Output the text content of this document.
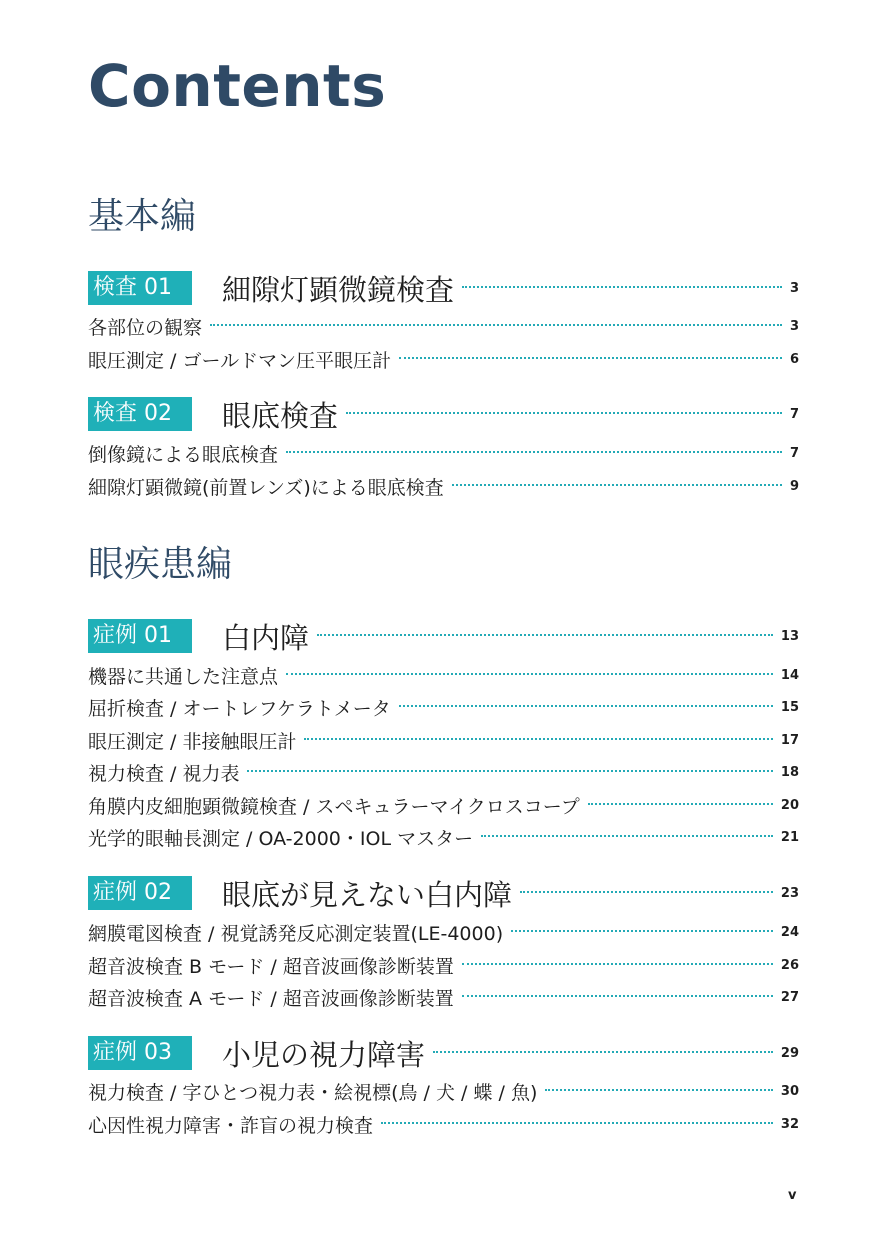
Contents
基本編
検査 01	細隙灯顕微鏡検査	3
各部位の観察	3
眼圧測定 / ゴールドマン圧平眼圧計	6
検査 02	眼底検査	7
倒像鏡による眼底検査	7
細隙灯顕微鏡(前置レンズ)による眼底検査	9
眼疾患編
症例 01	白内障	13
機器に共通した注意点	14
屈折検査 / オートレフケラトメータ	15
眼圧測定 / 非接触眼圧計	17
視力検査 / 視力表	18
角膜内皮細胞顕微鏡検査 / スペキュラーマイクロスコープ	20
光学的眼軸長測定 / OA-2000・IOL マスター	21
症例 02	眼底が見えない白内障	23
網膜電図検査 / 視覚誘発反応測定装置(LE-4000)	24
超音波検査 B モード / 超音波画像診断装置	26
超音波検査 A モード / 超音波画像診断装置	27
症例 03	小児の視力障害	29
視力検査 / 字ひとつ視力表・絵視標(鳥 / 犬 / 蝶 / 魚)	30
心因性視力障害・詐盲の視力検査	32
v
